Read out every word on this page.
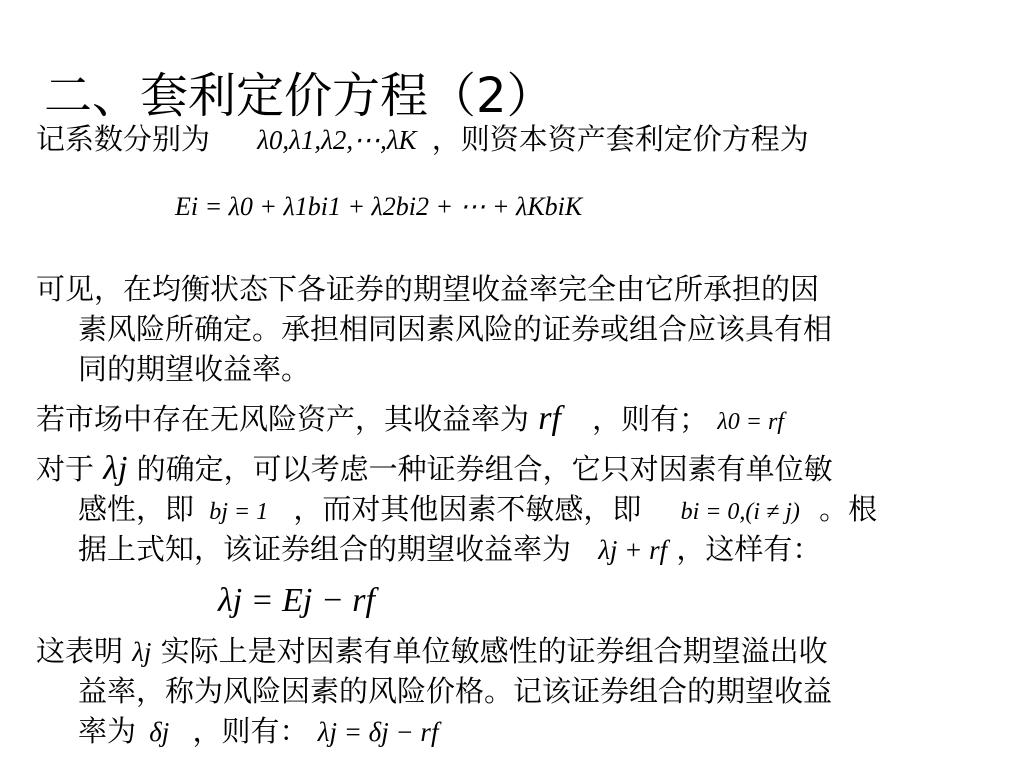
二、套利定价方程（2）
记系数分别为 λ0,λ1,λ2,⋯,λK ，则资本资产套利定价方程为
Ei = λ0 + λ1bi1 + λ2bi2 + ⋯ + λKbiK
可见，在均衡状态下各证券的期望收益率完全由它所承担的因
素风险所确定。承担相同因素风险的证券或组合应该具有相
同的期望收益率。
若市场中存在无风险资产，其收益率为 rf ，则有； λ0 = rf
对于 λj 的确定，可以考虑一种证券组合，它只对因素有单位敏
感性，即 bj = 1 ，而对其他因素不敏感，即 bi = 0,(i ≠ j) 。根
据上式知，该证券组合的期望收益率为 λj + rf ，这样有：
λj = Ej − rf
这表明 λj 实际上是对因素有单位敏感性的证券组合期望溢出收
益率，称为风险因素的风险价格。记该证券组合的期望收益
率为 δj ，则有： λj = δj − rf
